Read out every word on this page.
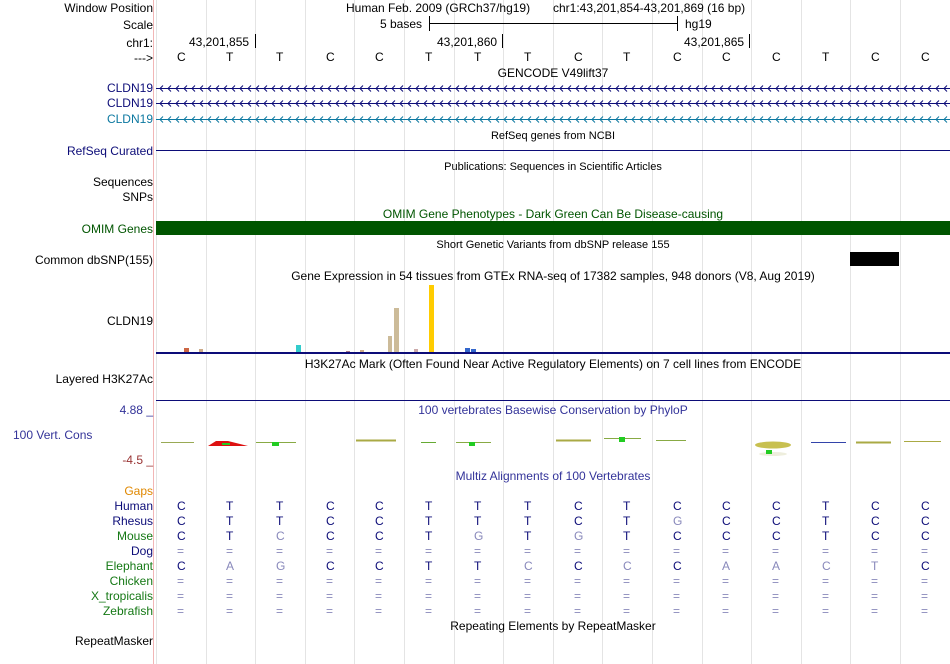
Window Position
Scale
chr1:
--->
Human Feb. 2009 (GRCh37/hg19) chr1:43,201,854-43,201,869 (16 bp)
5 bases	hg19
43,201,855	43,201,860	43,201,865
C	T	T	C	C	T	T	T	C	T	C	C	C	T	C	C
GENCODE V49lift37
CLDN19
CLDN19
CLDN19
RefSeq genes from NCBI
RefSeq Curated
Publications: Sequences in Scientific Articles
Sequences
SNPs
OMIM Gene Phenotypes - Dark Green Can Be Disease-causing
OMIM Genes
Short Genetic Variants from dbSNP release 155
Common dbSNP(155)
Gene Expression in 54 tissues from GTEx RNA-seq of 17382 samples, 948 donors (V8, Aug 2019)
CLDN19
H3K27Ac Mark (Often Found Near Active Regulatory Elements) on 7 cell lines from ENCODE
Layered H3K27Ac
100 vertebrates Basewise Conservation by PhyloP
4.88 _
100 Vert. Cons
-4.5 _
Multiz Alignments of 100 Vertebrates
Gaps
Human C	T	T	C	C	T	T	T	C	T	C	C	C	T	C	C
Rhesus C	T	T	C	C	T	T	T	C	T	G	C	C	T	C	C
Mouse C	T	C	C	C	T	G	T	G	T	C	C	C	T	C	C
Dog =	=	=	=	=	=	=	=	=	=	=	=	=	=	=	=
Elephant C	A	G	C	C	T	T	C	C	C	C	A	A	C	T	C
Chicken =	=	=	=	=	=	=	=	=	=	=	=	=	=	=	=
X_tropicalis =	=	=	=	=	=	=	=	=	=	=	=	=	=	=	=
Zebrafish =	=	=	=	=	=	=	=	=	=	=	=	=	=	=	=
Repeating Elements by RepeatMasker
RepeatMasker
